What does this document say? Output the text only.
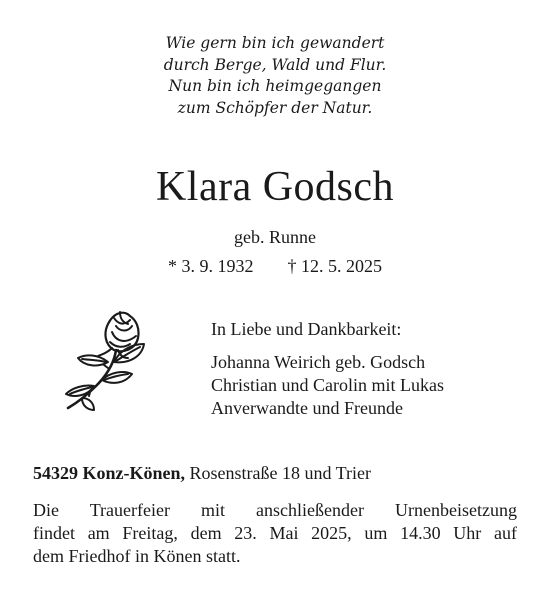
Wie gern bin ich gewandert
durch Berge, Wald und Flur.
Nun bin ich heimgegangen
zum Schöpfer der Natur.
Klara Godsch
geb. Runne
* 3. 9. 1932 † 12. 5. 2025
In Liebe und Dankbarkeit:
Johanna Weirich geb. Godsch
Christian und Carolin mit Lukas
Anverwandte und Freunde
54329 Konz-Könen, Rosenstraße 18 und Trier
Die Trauerfeier mit anschließender Urnenbeisetzung
findet am Freitag, dem 23. Mai 2025, um 14.30 Uhr auf
dem Friedhof in Könen statt.
